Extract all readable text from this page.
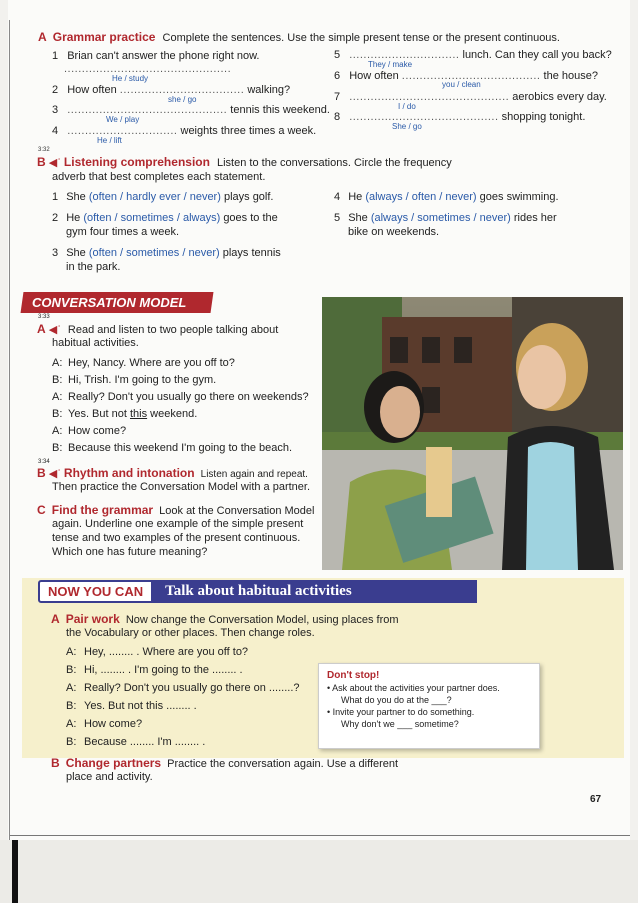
A Grammar practice Complete the sentences. Use the simple present tense or the present continuous.
1 Brian can't answer the phone right now.
...............................................
He / study
2 How often ................................... walking?
she / go
3 ............................................. tennis this weekend.
We / play
4 ............................... weights three times a week.
He / lift
5 ............................... lunch. Can they call you back?
They / make
6 How often ....................................... the house?
you / clean
7 ............................................. aerobics every day.
I / do
8 .......................................... shopping tonight.
She / go
3:32
B ◀ʾ Listening comprehension Listen to the conversations. Circle the frequency
adverb that best completes each statement.
1 She (often / hardly ever / never) plays golf.
2 He (often / sometimes / always) goes to the
gym four times a week.
3 She (often / sometimes / never) plays tennis
in the park.
4 He (always / often / never) goes swimming.
5 She (always / sometimes / never) rides her
bike on weekends.
CONVERSATION MODEL
3:33
A ◀ʾ Read and listen to two people talking about
habitual activities.
A: Hey, Nancy. Where are you off to?
B: Hi, Trish. I'm going to the gym.
A: Really? Don't you usually go there on weekends?
B: Yes. But not this weekend.
A: How come?
B: Because this weekend I'm going to the beach.
3:34
B ◀ʾ Rhythm and intonation Listen again and repeat.
Then practice the Conversation Model with a partner.
C Find the grammar Look at the Conversation Model
again. Underline one example of the simple present
tense and two examples of the present continuous.
Which one has future meaning?
NOW YOU CAN	Talk about habitual activities
A Pair work Now change the Conversation Model, using places from
the Vocabulary or other places. Then change roles.
A: Hey, ........ . Where are you off to?
B: Hi, ........ . I'm going to the ........ .
A: Really? Don't you usually go there on ........?
B: Yes. But not this ........ .
A: How come?
B: Because ........ I'm ........ .
Don't stop!
• Ask about the activities your partner does.
What do you do at the ___?
• Invite your partner to do something.
Why don't we ___ sometime?
B Change partners Practice the conversation again. Use a different
place and activity.
67
